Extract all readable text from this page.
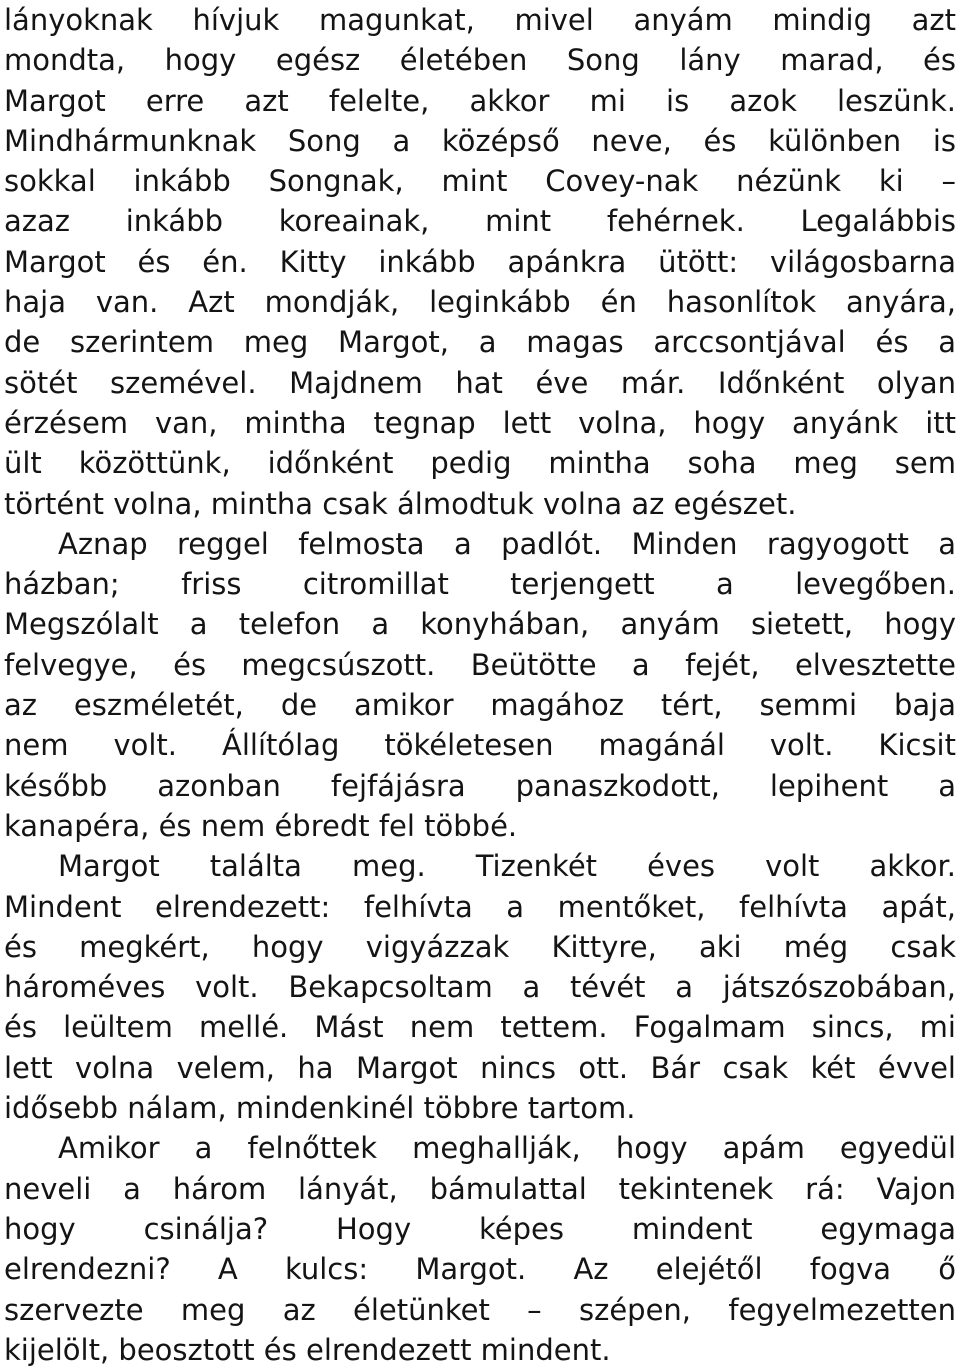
lányoknak hívjuk magunkat, mivel anyám mindig azt
mondta, hogy egész életében Song lány marad, és
Margot erre azt felelte, akkor mi is azok leszünk.
Mindhármunknak Song a középső neve, és különben is
sokkal inkább Songnak, mint Covey-nak nézünk ki –
azaz inkább koreainak, mint fehérnek. Legalábbis
Margot és én. Kitty inkább apánkra ütött: világosbarna
haja van. Azt mondják, leginkább én hasonlítok anyára,
de szerintem meg Margot, a magas arccsontjával és a
sötét szemével. Majdnem hat éve már. Időnként olyan
érzésem van, mintha tegnap lett volna, hogy anyánk itt
ült közöttünk, időnként pedig mintha soha meg sem
történt volna, mintha csak álmodtuk volna az egészet.
Aznap reggel felmosta a padlót. Minden ragyogott a
házban; friss citromillat terjengett a levegőben.
Megszólalt a telefon a konyhában, anyám sietett, hogy
felvegye, és megcsúszott. Beütötte a fejét, elvesztette
az eszméletét, de amikor magához tért, semmi baja
nem volt. Állítólag tökéletesen magánál volt. Kicsit
később azonban fejfájásra panaszkodott, lepihent a
kanapéra, és nem ébredt fel többé.
Margot találta meg. Tizenkét éves volt akkor.
Mindent elrendezett: felhívta a mentőket, felhívta apát,
és megkért, hogy vigyázzak Kittyre, aki még csak
hároméves volt. Bekapcsoltam a tévét a játszószobában,
és leültem mellé. Mást nem tettem. Fogalmam sincs, mi
lett volna velem, ha Margot nincs ott. Bár csak két évvel
idősebb nálam, mindenkinél többre tartom.
Amikor a felnőttek meghallják, hogy apám egyedül
neveli a három lányát, bámulattal tekintenek rá: Vajon
hogy csinálja? Hogy képes mindent egymaga
elrendezni? A kulcs: Margot. Az elejétől fogva ő
szervezte meg az életünket – szépen, fegyelmezetten
kijelölt, beosztott és elrendezett mindent.
